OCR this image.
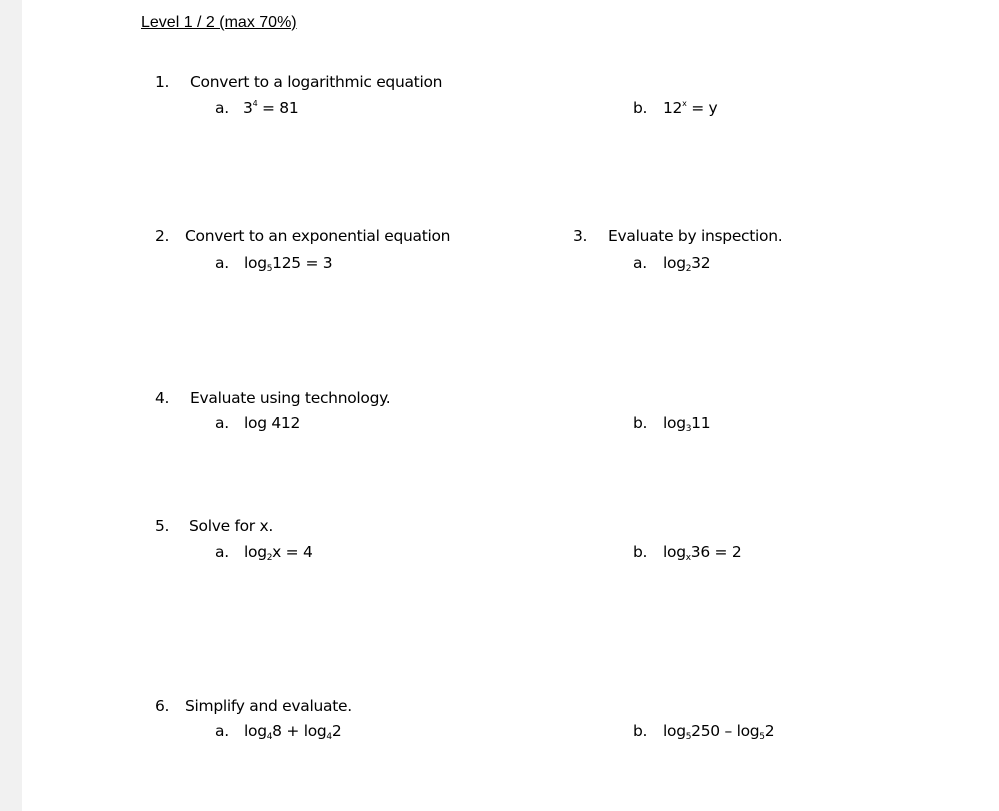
Level 1 / 2 (max 70%)
1. Convert to a logarithmic equation
a. $3^4 = 81$	b. $12^x = y$
2. Convert to an exponential equation
a. $\log_5125 = 3$
3. Evaluate by inspection.
a. $\log_232$
4. Evaluate using technology.
a. log 412	b. $\log_311$
5. Solve for x.
a. $\log_2x = 4$	b. $\log_x36 = 2$
6. Simplify and evaluate.
a. $\log_48 + \log_42$	b. $\log_5250 - \log_52$
